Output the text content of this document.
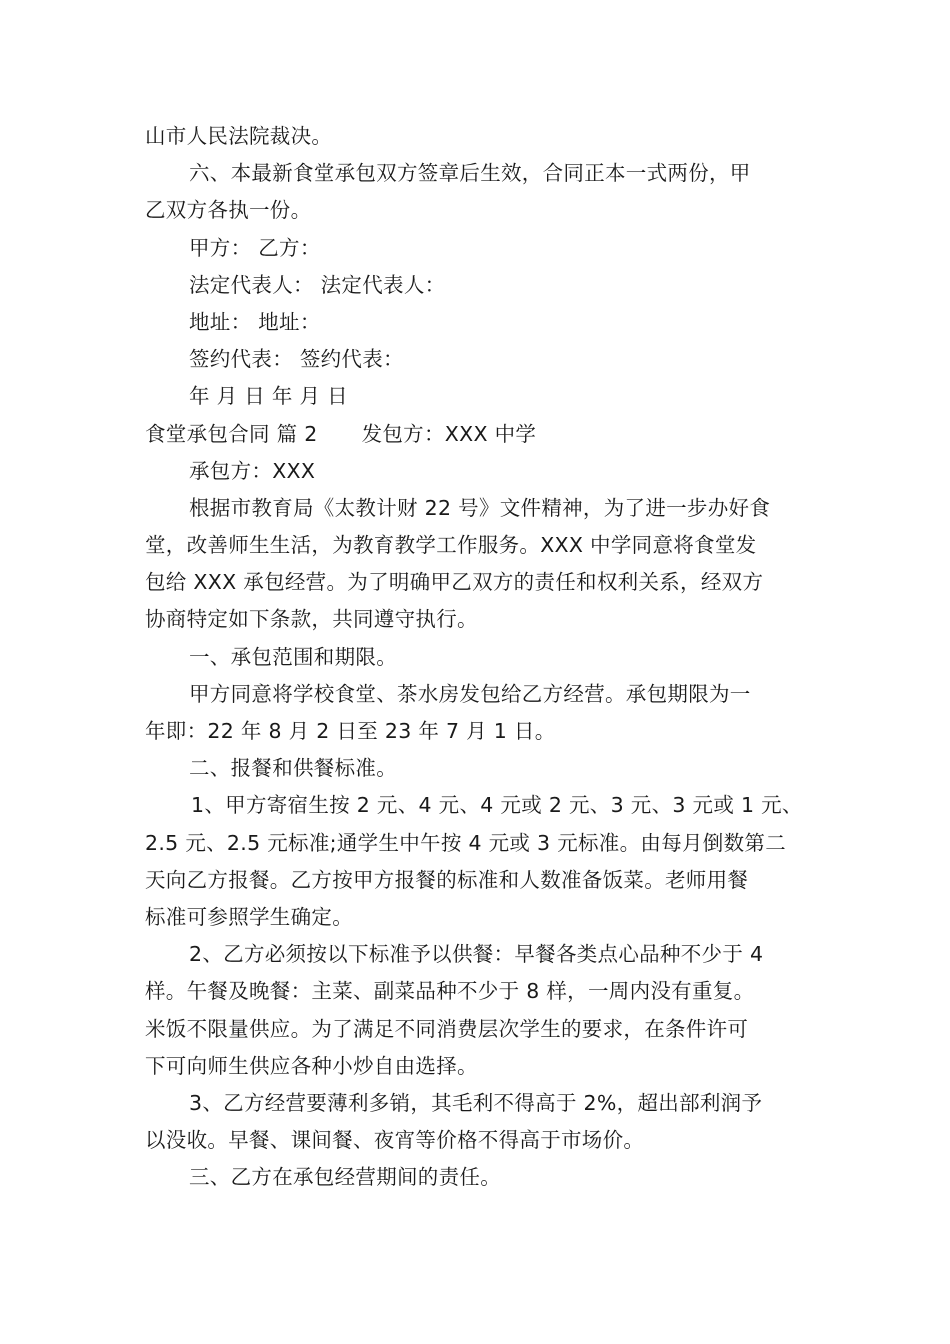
山市人民法院裁决。
六、本最新食堂承包双方签章后生效，合同正本一式两份，甲
乙双方各执一份。
甲方： 乙方：
法定代表人： 法定代表人：
地址： 地址：
签约代表： 签约代表：
年 月 日 年 月 日
食堂承包合同 篇 2 发包方：XXX 中学
承包方：XXX
根据市教育局《太教计财 22 号》文件精神，为了进一步办好食
堂，改善师生生活，为教育教学工作服务。XXX 中学同意将食堂发
包给 XXX 承包经营。为了明确甲乙双方的责任和权利关系，经双方
协商特定如下条款，共同遵守执行。
一、承包范围和期限。
甲方同意将学校食堂、茶水房发包给乙方经营。承包期限为一
年即：22 年 8 月 2 日至 23 年 7 月 1 日。
二、报餐和供餐标准。
1、甲方寄宿生按 2 元、4 元、4 元或 2 元、3 元、3 元或 1 元、
2.5 元、2.5 元标准;通学生中午按 4 元或 3 元标准。由每月倒数第二
天向乙方报餐。乙方按甲方报餐的标准和人数准备饭菜。老师用餐
标准可参照学生确定。
2、乙方必须按以下标准予以供餐：早餐各类点心品种不少于 4
样。午餐及晚餐：主菜、副菜品种不少于 8 样，一周内没有重复。
米饭不限量供应。为了满足不同消费层次学生的要求，在条件许可
下可向师生供应各种小炒自由选择。
3、乙方经营要薄利多销，其毛利不得高于 2%，超出部利润予
以没收。早餐、课间餐、夜宵等价格不得高于市场价。
三、乙方在承包经营期间的责任。
